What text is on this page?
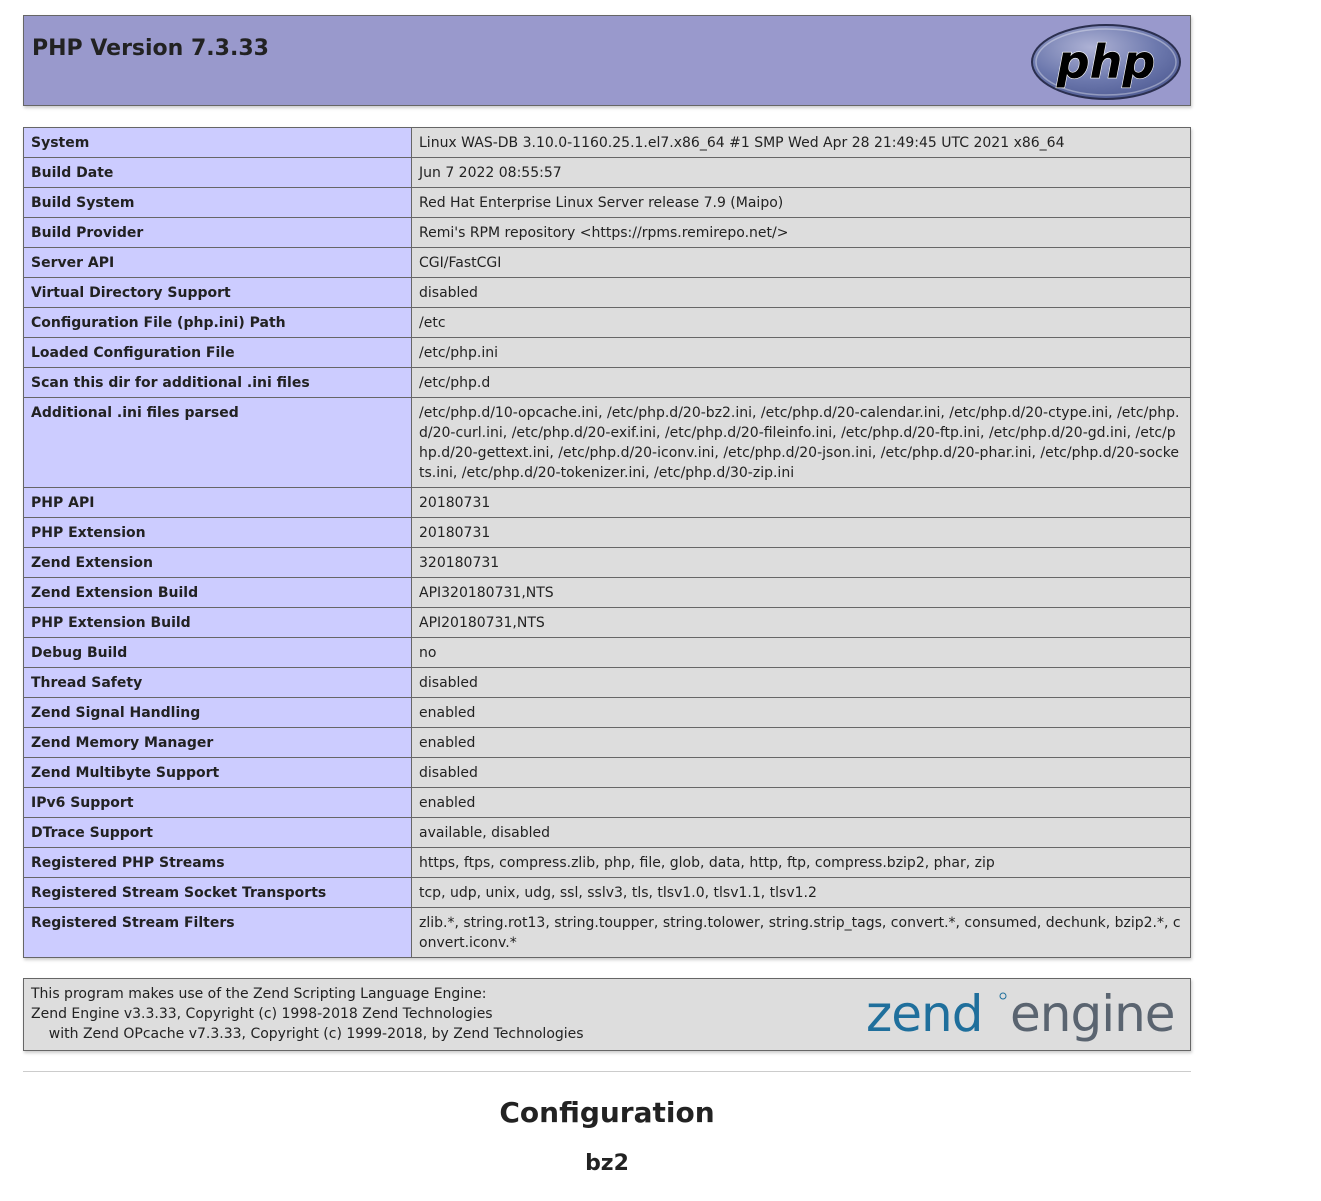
PHP Version 7.3.33	php
System	Linux WAS-DB 3.10.0-1160.25.1.el7.x86_64 #1 SMP Wed Apr 28 21:49:45 UTC 2021 x86_64
Build Date	Jun 7 2022 08:55:57
Build System	Red Hat Enterprise Linux Server release 7.9 (Maipo)
Build Provider	Remi's RPM repository <https://rpms.remirepo.net/>
Server API	CGI/FastCGI
Virtual Directory Support	disabled
Configuration File (php.ini) Path	/etc
Loaded Configuration File	/etc/php.ini
Scan this dir for additional .ini files	/etc/php.d
Additional .ini files parsed	/etc/php.d/10-opcache.ini, /etc/php.d/20-bz2.ini, /etc/php.d/20-calendar.ini, /etc/php.d/20-ctype.ini, /etc/php.d/20-curl.ini, /etc/php.d/20-exif.ini, /etc/php.d/20-fileinfo.ini, /etc/php.d/20-ftp.ini, /etc/php.d/20-gd.ini, /etc/php.d/20-gettext.ini, /etc/php.d/20-iconv.ini, /etc/php.d/20-json.ini, /etc/php.d/20-phar.ini, /etc/php.d/20-sockets.ini, /etc/php.d/20-tokenizer.ini, /etc/php.d/30-zip.ini
PHP API	20180731
PHP Extension	20180731
Zend Extension	320180731
Zend Extension Build	API320180731,NTS
PHP Extension Build	API20180731,NTS
Debug Build	no
Thread Safety	disabled
Zend Signal Handling	enabled
Zend Memory Manager	enabled
Zend Multibyte Support	disabled
IPv6 Support	enabled
DTrace Support	available, disabled
Registered PHP Streams	https, ftps, compress.zlib, php, file, glob, data, http, ftp, compress.bzip2, phar, zip
Registered Stream Socket Transports	tcp, udp, unix, udg, ssl, sslv3, tls, tlsv1.0, tlsv1.1, tlsv1.2
Registered Stream Filters	zlib.*, string.rot13, string.toupper, string.tolower, string.strip_tags, convert.*, consumed, dechunk, bzip2.*, convert.iconv.*
This program makes use of the Zend Scripting Language Engine:
Zend Engine v3.3.33, Copyright (c) 1998-2018 Zend Technologies
with Zend OPcache v7.3.33, Copyright (c) 1999-2018, by Zend Technologies	zend engine
Configuration
bz2
